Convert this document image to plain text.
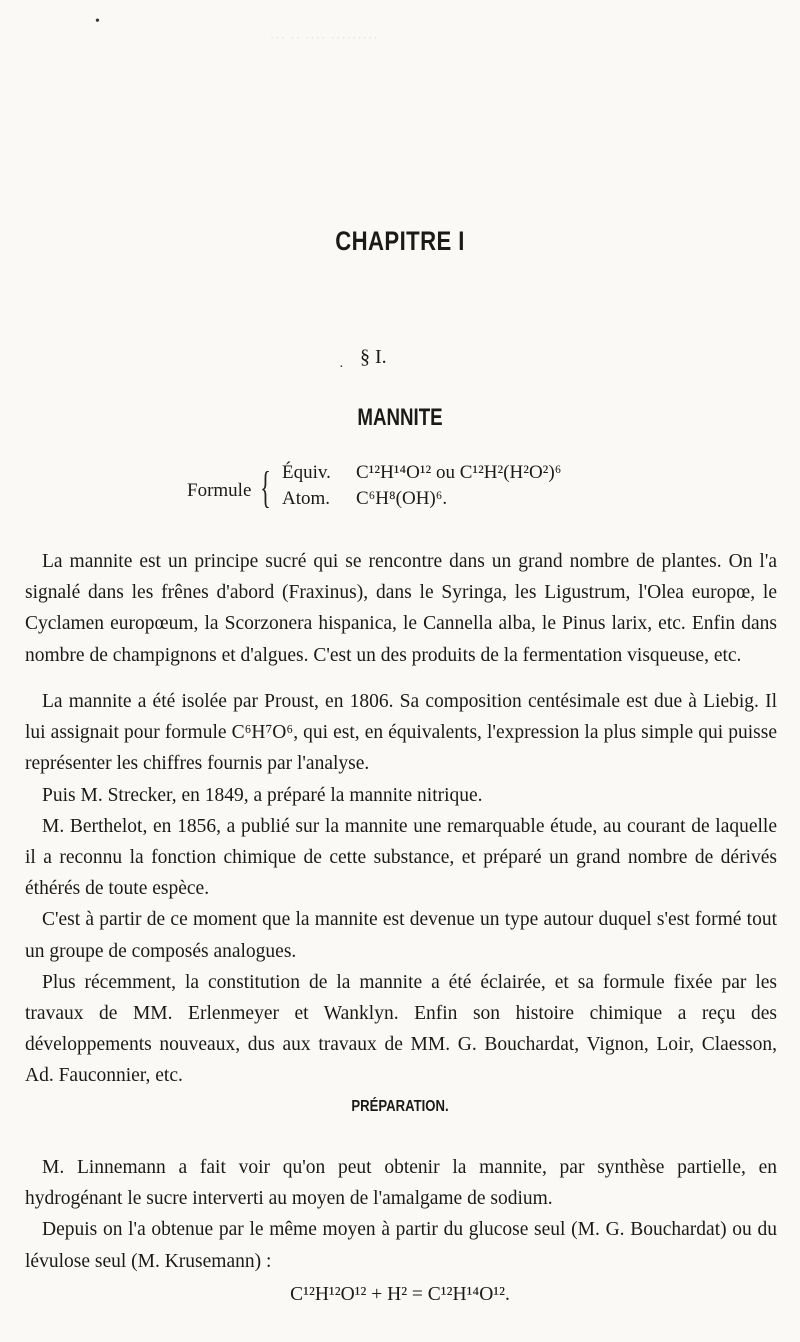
··· ·· ···· ·········
•
CHAPITRE I
· § I.
MANNITE
Formule { Équiv. C¹²H¹⁴O¹² ou C¹²H²(H²O²)⁶
Atom. C⁶H⁸(OH)⁶.

La mannite est un principe sucré qui se rencontre dans un grand nombre de plantes. On l'a signalé dans les frênes d'abord (Fraxinus), dans le Syringa, les Ligustrum, l'Olea europœ, le Cyclamen europœum, la Scorzonera hispanica, le Cannella alba, le Pinus larix, etc. Enfin dans nombre de champignons et d'algues. C'est un des produits de la fermentation visqueuse, etc.

La mannite a été isolée par Proust, en 1806. Sa composition centésimale est due à Liebig. Il lui assignait pour formule C⁶H⁷O⁶, qui est, en équivalents, l'expression la plus simple qui puisse représenter les chiffres fournis par l'analyse.

Puis M. Strecker, en 1849, a préparé la mannite nitrique.

M. Berthelot, en 1856, a publié sur la mannite une remarquable étude, au courant de laquelle il a reconnu la fonction chimique de cette substance, et préparé un grand nombre de dérivés éthérés de toute espèce.

C'est à partir de ce moment que la mannite est devenue un type autour duquel s'est formé tout un groupe de composés analogues.

Plus récemment, la constitution de la mannite a été éclairée, et sa formule fixée par les travaux de MM. Erlenmeyer et Wanklyn. Enfin son histoire chimique a reçu des développements nouveaux, dus aux travaux de MM. G. Bouchardat, Vignon, Loir, Claesson, Ad. Fauconnier, etc.

PRÉPARATION.

M. Linnemann a fait voir qu'on peut obtenir la mannite, par synthèse partielle, en hydrogénant le sucre interverti au moyen de l'amalgame de sodium.

Depuis on l'a obtenue par le même moyen à partir du glucose seul (M. G. Bouchardat) ou du lévulose seul (M. Krusemann) :

C¹²H¹²O¹² + H² = C¹²H¹⁴O¹².
